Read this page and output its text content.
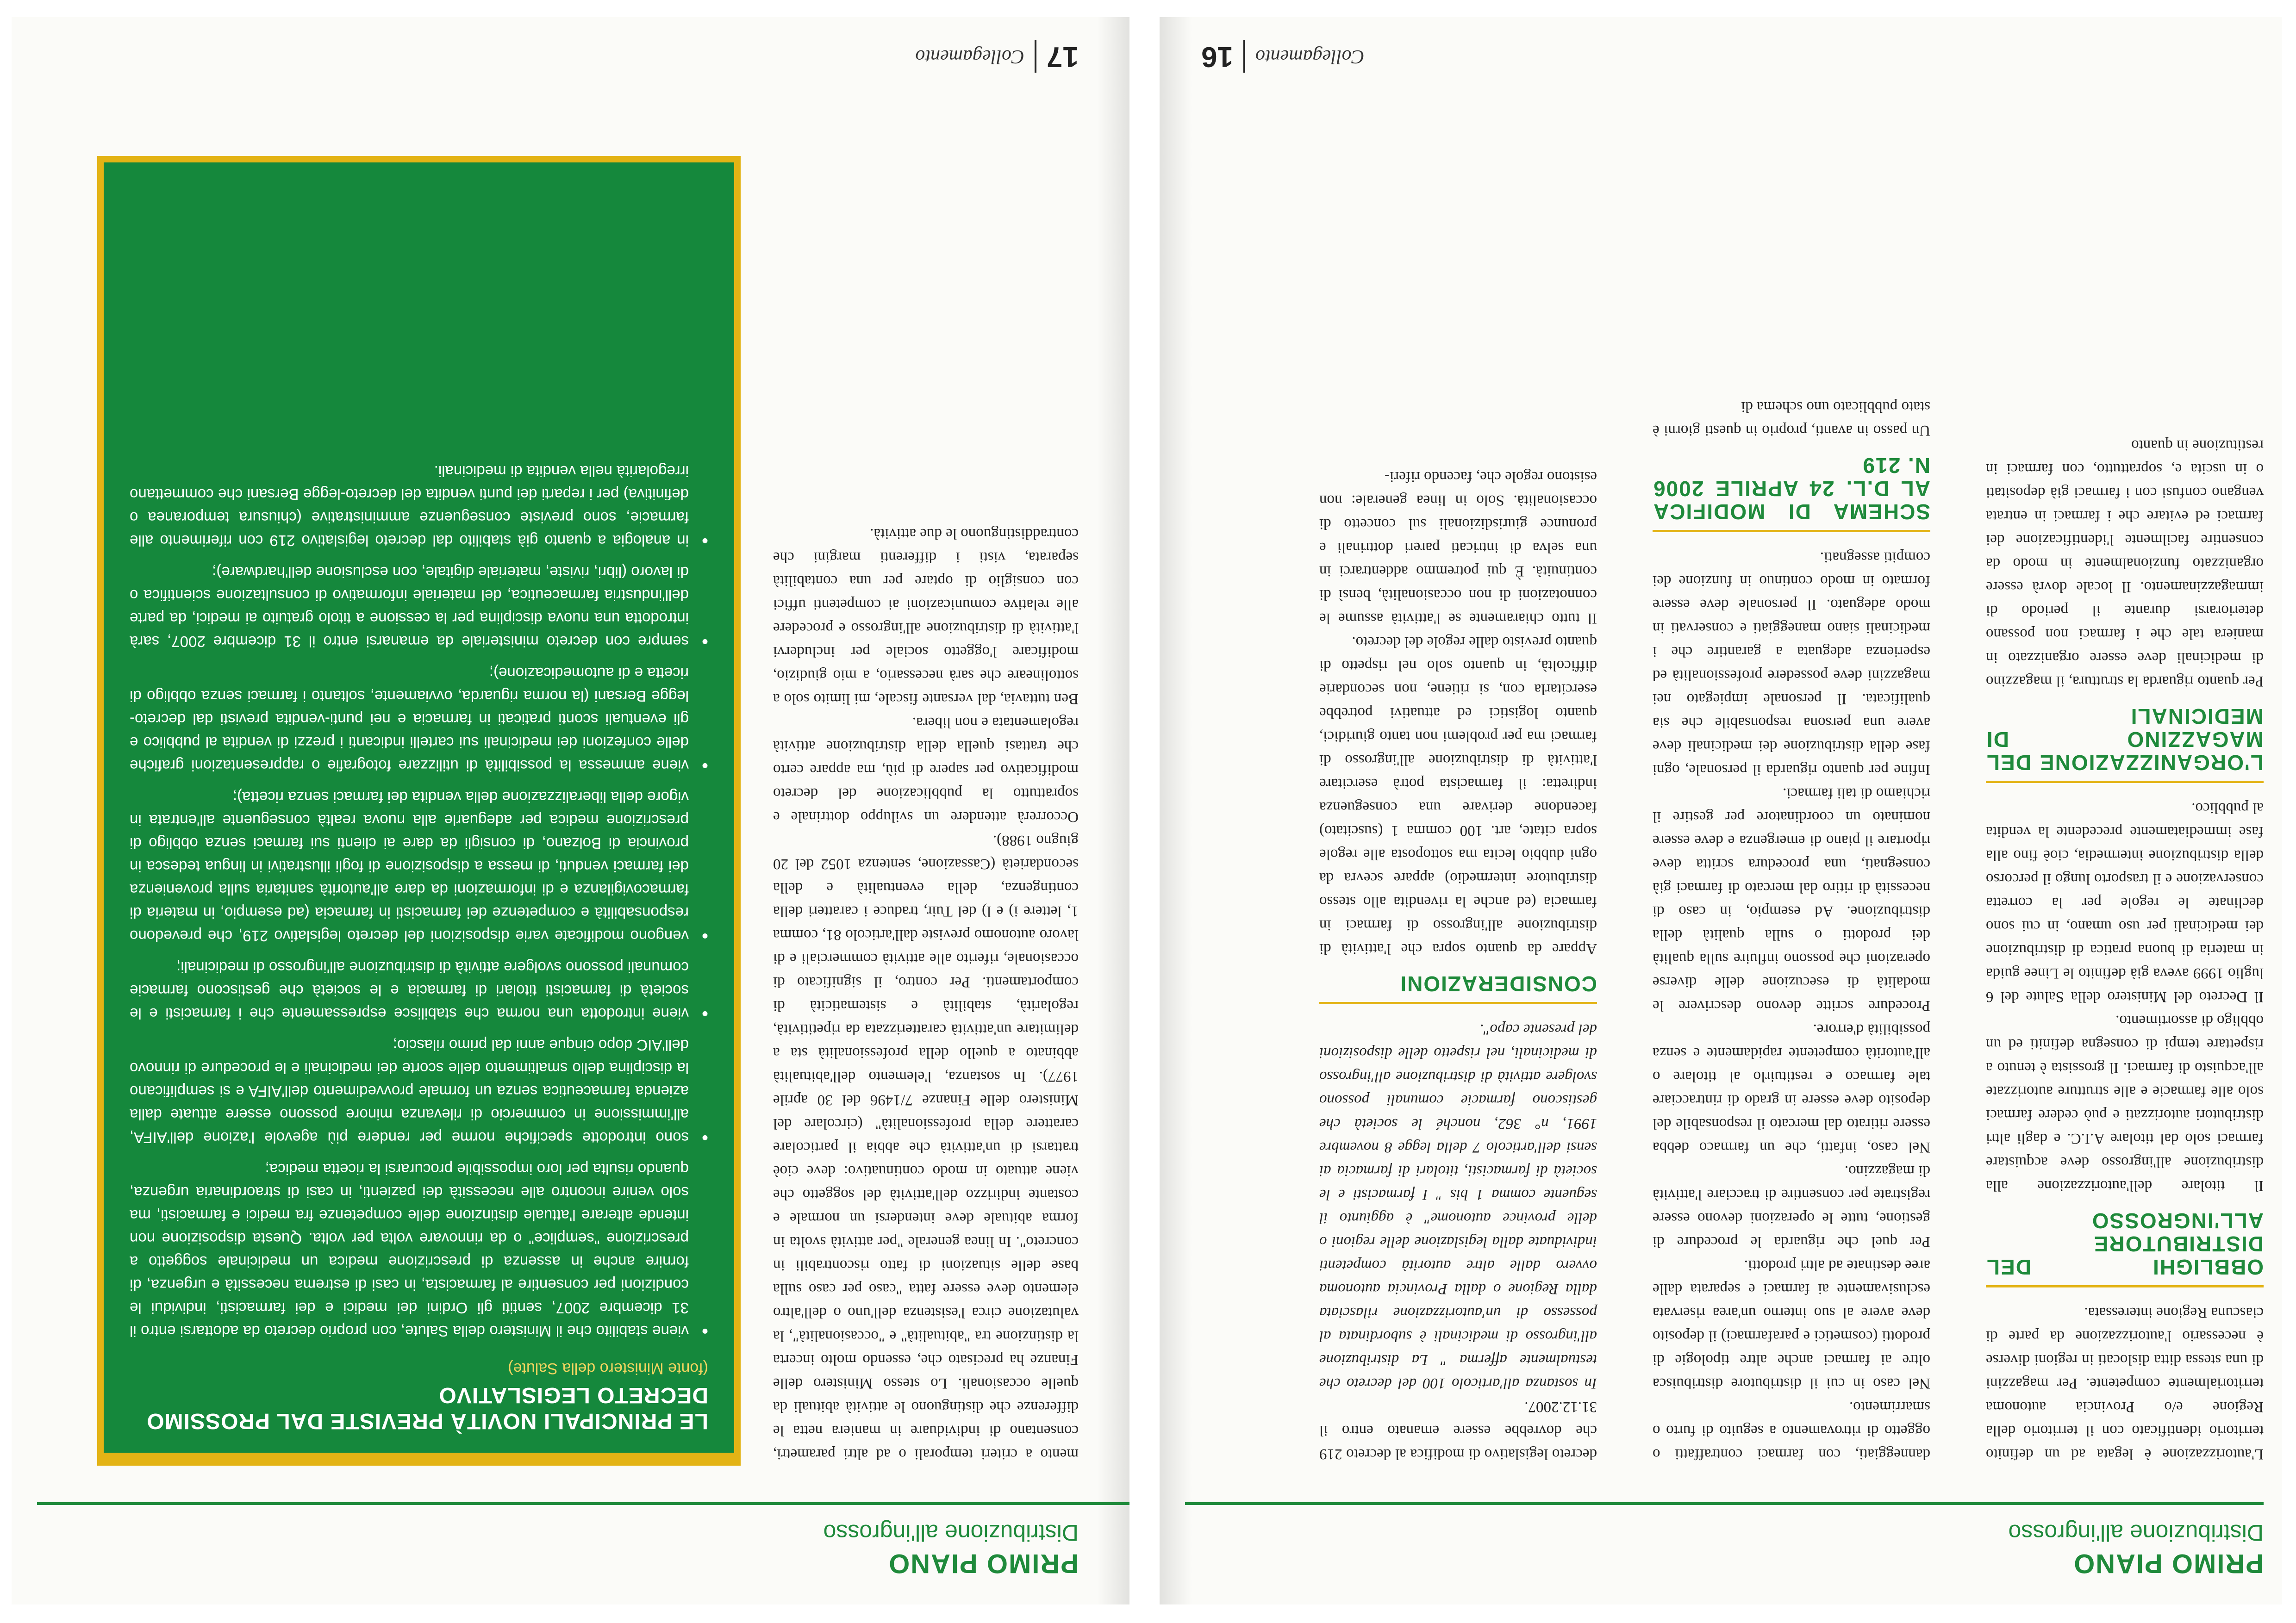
PRIMO PIANO
Distribuzione all'ingrosso

L'autorizzazione è legata ad un definito territorio identificato con il territorio della Regione e/o Provincia autonoma territorialmente competente. Per magazzini di una stessa ditta dislocati in regioni diverse è necessario l'autorizzazione da parte di ciascuna Regione interessata.

OBBLIGHI DEL DISTRIBUTORE ALL'INGROSSO

Il titolare dell'autorizzazione alla distribuzione all'ingrosso deve acquistare farmaci solo dal titolare A.I.C. e dagli altri distributori autorizzati e può cedere farmaci solo alle farmacie e alle strutture autorizzate all'acquisto di farmaci. Il grossista è tenuto a rispettare tempi di consegna definiti ed un obbligo di assortimento.

Il Decreto del Ministero della Salute del 6 luglio 1999 aveva già definito le Linee guida in materia di buona pratica di distribuzione dei medicinali per uso umano, in cui sono declinate le regole per la corretta conservazione e il trasporto lungo il percorso della distribuzione intermedia, cioè fino alla fase immediatamente precedente la vendita al pubblico.

L'ORGANIZZAZIONE DEL MAGAZZINO DI MEDICINALI

Per quanto riguarda la struttura, il magazzino di medicinali deve essere organizzato in maniera tale che i farmaci non possano deteriorarsi durante il periodo di immagazzinamento. Il locale dovrà essere organizzato funzionalmente in modo da consentire facilmente l'identificazione dei farmaci ed evitare che i farmaci in entrata vengano confusi con i farmaci già depositati o in uscita e, soprattutto, con farmaci in restituzione in quanto

danneggiati, con farmaci contraffatti o oggetto di ritrovamento a seguito di furto o smarrimento.

Nel caso in cui il distributore distribuisca oltre ai farmaci anche altre tipologie di prodotti (cosmetici e parafarmaci) il deposito deve avere al suo interno un'area riservata esclusivamente ai farmaci e separata dalle aree destinate ad altri prodotti.

Per quel che riguarda le procedure di gestione, tutte le operazioni devono essere registrate per consentire di tracciare l'attività di magazzino.

Nel caso, infatti, che un farmaco debba essere ritirato dal mercato il responsabile del deposito deve essere in grado di rintracciare tale farmaco e restituirlo al titolare o all'autorità competente rapidamente e senza possibilità d'errore.

Procedure scritte devono descrivere le modalità di esecuzione delle diverse operazioni che possono influire sulla qualità dei prodotti o sulla qualità della distribuzione. Ad esempio, in caso di necessità di ritiro dal mercato di farmaci già consegnati, una procedura scritta deve riportare il piano di emergenza e deve essere nominato un coordinatore per gestire il richiamo di tali farmaci.

Infine per quanto riguarda il personale, ogni fase della distribuzione dei medicinali deve avere una persona responsabile che sia qualificata. Il personale impiegato nei magazzini deve possedere professionalità ed esperienza adeguata a garantire che i medicinali siano maneggiati e conservati in modo adeguato. Il personale deve essere formato in modo continuo in funzione dei compiti assegnati.

SCHEMA DI MODIFICA AL D.L. 24 APRILE 2006 N. 219

Un passo in avanti, proprio in questi giorni è stato pubblicato uno schema di

decreto legislativo di modifica al decreto 219 che dovrebbe essere emanato entro il 31.12.2007.

In sostanza all'articolo 100 del decreto che testualmente afferma " La distribuzione all'ingrosso di medicinali è subordinata al possesso di un'autorizzazione rilasciata dalla Regione o dalla Provincia autonoma ovvero dalle altre autorità competenti individuate dalla legislazione delle regioni o delle province autonome" è aggiunto il seguente comma 1 bis " I farmacisti e le società di farmacisti, titolari di farmacia ai sensi dell'articolo 7 della legge 8 novembre 1991, n° 362, nonché le società che gestiscono farmacie comunali possono svolgere attività di distribuzione all'ingrosso di medicinali, nel rispetto delle disposizioni del presente capo".

CONSIDERAZIONI

Appare da quanto sopra che l'attività di distribuzione all'ingrosso di farmaci in farmacia (ed anche la rivendita allo stesso distributore intermedio) appare scevra da ogni dubbio lecita ma sottoposta alle regole sopra citate, art. 100 comma 1 (suscitato) facendone derivare una conseguenza indiretta: il farmacista potrà esercitare l'attività di distribuzione all'ingrosso di farmaci ma per problemi non tanto giuridici, quanto logistici ed attuativi potrebbe esercitarla con, si ritiene, non secondarie difficoltà, in quanto solo nel rispetto di quanto previsto dalle regole del decreto.

Il tutto chiaramente se l'attività assume le connotazioni di non occasionalità, bensì di continuità. È qui potremmo addentrarci in una selva di intricati pareri dottrinali e pronunce giurisdizionali sul concetto di occasionalità. Solo in linea generale: non esistono regole che, facendo riferi-

Collegamento
16
PRIMO PIANO
Distribuzione all'ingrosso

mento a criteri temporali o ad altri parametri, consentano di individuare in maniera netta le differenze che distinguono le attività abituali da quelle occasionali. Lo stesso Ministero delle Finanze ha precisato che, essendo molto incerta la distinzione tra "abitualità" e "occasionalità", la valutazione circa l'esistenza dell'uno o dell'altro elemento deve essere fatta "caso per caso sulla base delle situazioni di fatto riscontrabili in concreto". In linea generale "per attività svolta in forma abituale deve intendersi un normale e costante indirizzo dell'attività del soggetto che viene attuato in modo continuativo: deve cioè trattarsi di un'attività che abbia il particolare carattere della professionalità" (circolare del Ministero delle Finanze 7/1496 del 30 aprile 1977). In sostanza, l'elemento dell'abitualità abbinato a quello della professionalità sta a delimitare un'attività caratterizzata da ripetitività, regolarità, stabilità e sistematicità di comportamenti. Per contro, il significato di occasionale, riferito alle attività commerciali e di lavoro autonomo previste dall'articolo 81, comma 1, lettere i) e l) del Tuir, traduce i caratteri della contingenza, della eventualità e della secondarietà (Cassazione, sentenza 1052 del 20 giugno 1988).

Occorrerà attendere un sviluppo dottrinale e soprattutto la pubblicazione del decreto modificativo per sapere di più, ma appare certo che trattasi quella della distribuzione attività regolamentata e non libera.

Ben tuttavia, dal versante fiscale, mi limito solo a sottolineare che sarà necessario, a mio giudizio, modificare l'oggetto sociale per includervi l'attività di distribuzione all'ingrosso e procedere alle relative comunicazioni ai competenti uffici con consiglio di optare per una contabilità separata, visti i differenti margini che contraddistinguono le due attività.

LE PRINCIPALI NOVITÀ PREVISTE DAL PROSSIMO DECRETO LEGISLATIVO
(fonte Ministero della Salute)
• viene stabilito che il Ministero della Salute, con proprio decreto da adottarsi entro il 31 dicembre 2007, sentiti gli Ordini dei medici e dei farmacisti, individui le condizioni per consentire al farmacista, in casi di estrema necessità e urgenza, di fornire anche in assenza di prescrizione medica un medicinale soggetto a prescrizione "semplice" o da rinnovare volta per volta. Questa disposizione non intende alterare l'attuale distinzione delle competenze fra medici e farmacisti, ma solo venire incontro alle necessità dei pazienti, in casi di straordinaria urgenza, quando risulta per loro impossibile procurarsi la ricetta medica;
• sono introdotte specifiche norme per rendere più agevole l'azione dell'AIFA, all'immissione in commercio di rilevanza minore possono essere attuate dalla azienda farmaceutica senza un formale provvedimento dell'AIFA e si semplificano la disciplina dello smaltimento delle scorte dei medicinali e le procedure di rinnovo dell'AIC dopo cinque anni dal primo rilascio;
• viene introdotta una norma che stabilisce espressamente che i farmacisti e le società di farmacisti titolari di farmacia e le società che gestiscono farmacie comunali possono svolgere attività di distribuzione all'ingrosso di medicinali;
• vengono modificate varie disposizioni del decreto legislativo 219, che prevedono responsabilità e competenze dei farmacisti in farmacia (ad esempio, in materia di farmacovigilanza e di informazioni da dare all'autorità sanitaria sulla provenienza dei farmaci venduti, di messa a disposizione di fogli illustrativi in lingua tedesca in provincia di Bolzano, di consigli da dare ai clienti sui farmaci senza obbligo di prescrizione medica per adeguarle alla nuova realtà conseguente all'entrata in vigore della liberalizzazione della vendita dei farmaci senza ricetta);
• viene ammessa la possibilità di utilizzare fotografie o rappresentazioni grafiche delle confezioni dei medicinali sui cartelli indicanti i prezzi di vendita al pubblico e gli eventuali sconti praticati in farmacia e nei punti-vendita previsti dal decreto-legge Bersani (la norma riguarda, ovviamente, soltanto i farmaci senza obbligo di ricetta e di automedicazione);
• sempre con decreto ministeriale da emanarsi entro il 31 dicembre 2007, sarà introdotta una nuova disciplina per la cessione a titolo gratuito ai medici, da parte dell'industria farmaceutica, del materiale informativo di consultazione scientifica o di lavoro (libri, riviste, materiale digitale, con esclusione dell'hardware);
• in analogia a quanto già stabilito dal decreto legislativo 219 con riferimento alle farmacie, sono previste conseguenze amministrative (chiusura temporanea o definitiva) per i reparti dei punti vendita del decreto-legge Bersani che commettano irregolarità nella vendita di medicinali.
17
Collegamento
